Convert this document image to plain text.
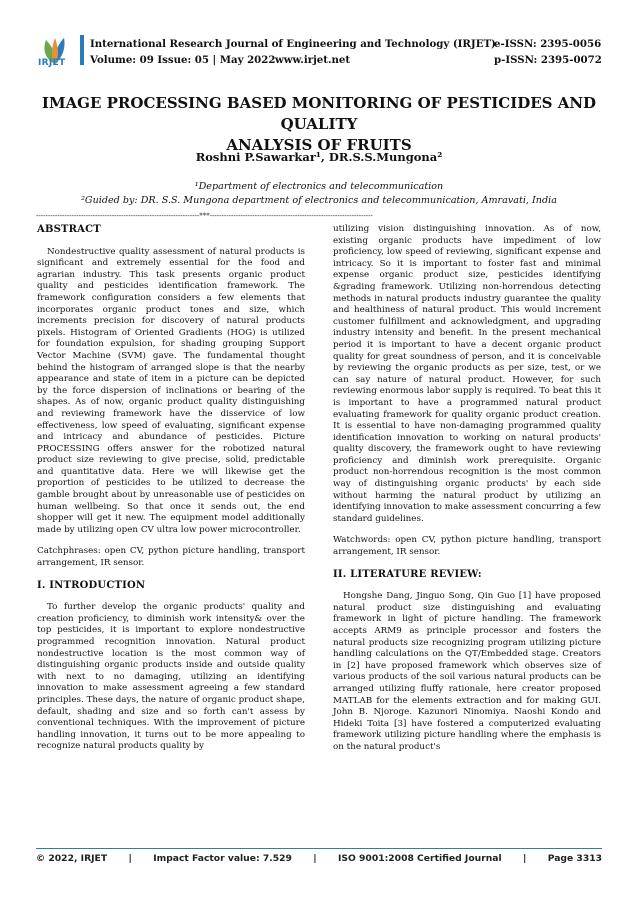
IRJET
International Research Journal of Engineering and Technology (IRJET)
Volume: 09 Issue: 05 | May 2022 www.irjet.net
e-ISSN: 2395-0056
p-ISSN: 2395-0072
IMAGE PROCESSING BASED MONITORING OF PESTICIDES AND QUALITY
ANALYSIS OF FRUITS
Roshni P.Sawarkar¹, DR.S.S.Mungona²
¹Department of electronics and telecommunication
²Guided by: DR. S.S. Mungona department of electronics and telecommunication, Amravati, India
---------------------------------------------------------------------***---------------------------------------------------------------------
ABSTRACT

Nondestructive quality assessment of natural products is significant and extremely essential for the food and agrarian industry. This task presents organic product quality and pesticides identification framework. The framework configuration considers a few elements that incorporates organic product tones and size, which increments precision for discovery of natural products pixels. Histogram of Oriented Gradients (HOG) is utilized for foundation expulsion, for shading grouping Support Vector Machine (SVM) gave. The fundamental thought behind the histogram of arranged slope is that the nearby appearance and state of item in a picture can be depicted by the force dispersion of inclinations or bearing of the shapes. As of now, organic product quality distinguishing and reviewing framework have the disservice of low effectiveness, low speed of evaluating, significant expense and intricacy and abundance of pesticides. Picture PROCESSING offers answer for the robotized natural product size reviewing to give precise, solid, predictable and quantitative data. Here we will likewise get the proportion of pesticides to be utilized to decrease the gamble brought about by unreasonable use of pesticides on human wellbeing. So that once it sends out, the end shopper will get it new. The equipment model additionally made by utilizing open CV ultra low power microcontroller.

Catchphrases: open CV, python picture handling, transport arrangement, IR sensor.

I. INTRODUCTION

To further develop the organic products' quality and creation proficiency, to diminish work intensity& over the top pesticides, it is important to explore nondestructive programmed recognition innovation. Natural product nondestructive location is the most common way of distinguishing organic products inside and outside quality with next to no damaging, utilizing an identifying innovation to make assessment agreeing a few standard principles. These days, the nature of organic product shape, default, shading and size and so forth can't assess by conventional techniques. With the improvement of picture handling innovation, it turns out to be more appealing to recognize natural products quality by

utilizing vision distinguishing innovation. As of now, existing organic products have impediment of low proficiency, low speed of reviewing, significant expense and intricacy. So it is important to foster fast and minimal expense organic product size, pesticides identifying &grading framework. Utilizing non-horrendous detecting methods in natural products industry guarantee the quality and healthiness of natural product. This would increment customer fulfillment and acknowledgment, and upgrading industry intensity and benefit. In the present mechanical period it is important to have a decent organic product quality for great soundness of person, and it is conceivable by reviewing the organic products as per size, test, or we can say nature of natural product. However, for such reviewing enormous labor supply is required. To beat this it is important to have a programmed natural product evaluating framework for quality organic product creation. It is essential to have non-damaging programmed quality identification innovation to working on natural products' quality discovery, the framework ought to have reviewing proficiency and diminish work prerequisite. Organic product non-horrendous recognition is the most common way of distinguishing organic products' by each side without harming the natural product by utilizing an identifying innovation to make assessment concurring a few standard guidelines.

Watchwords: open CV, python picture handling, transport arrangement, IR sensor.

II. LITERATURE REVIEW:

Hongshe Dang, Jinguo Song, Qin Guo [1] have proposed natural product size distinguishing and evaluating framework in light of picture handling. The framework accepts ARM9 as principle processor and fosters the natural products size recognizing program utilizing picture handling calculations on the QT/Embedded stage. Creators in [2] have proposed framework which observes size of various products of the soil various natural products can be arranged utilizing fluffy rationale, here creator proposed MATLAB for the elements extraction and for making GUI. John B. Njoroge. Kazunori Ninomiya. Naoshi Kondo and Hideki Toita [3] have fostered a computerized evaluating framework utilizing picture handling where the emphasis is on the natural product's

© 2022, IRJET | Impact Factor value: 7.529 | ISO 9001:2008 Certified Journal | Page 3313
